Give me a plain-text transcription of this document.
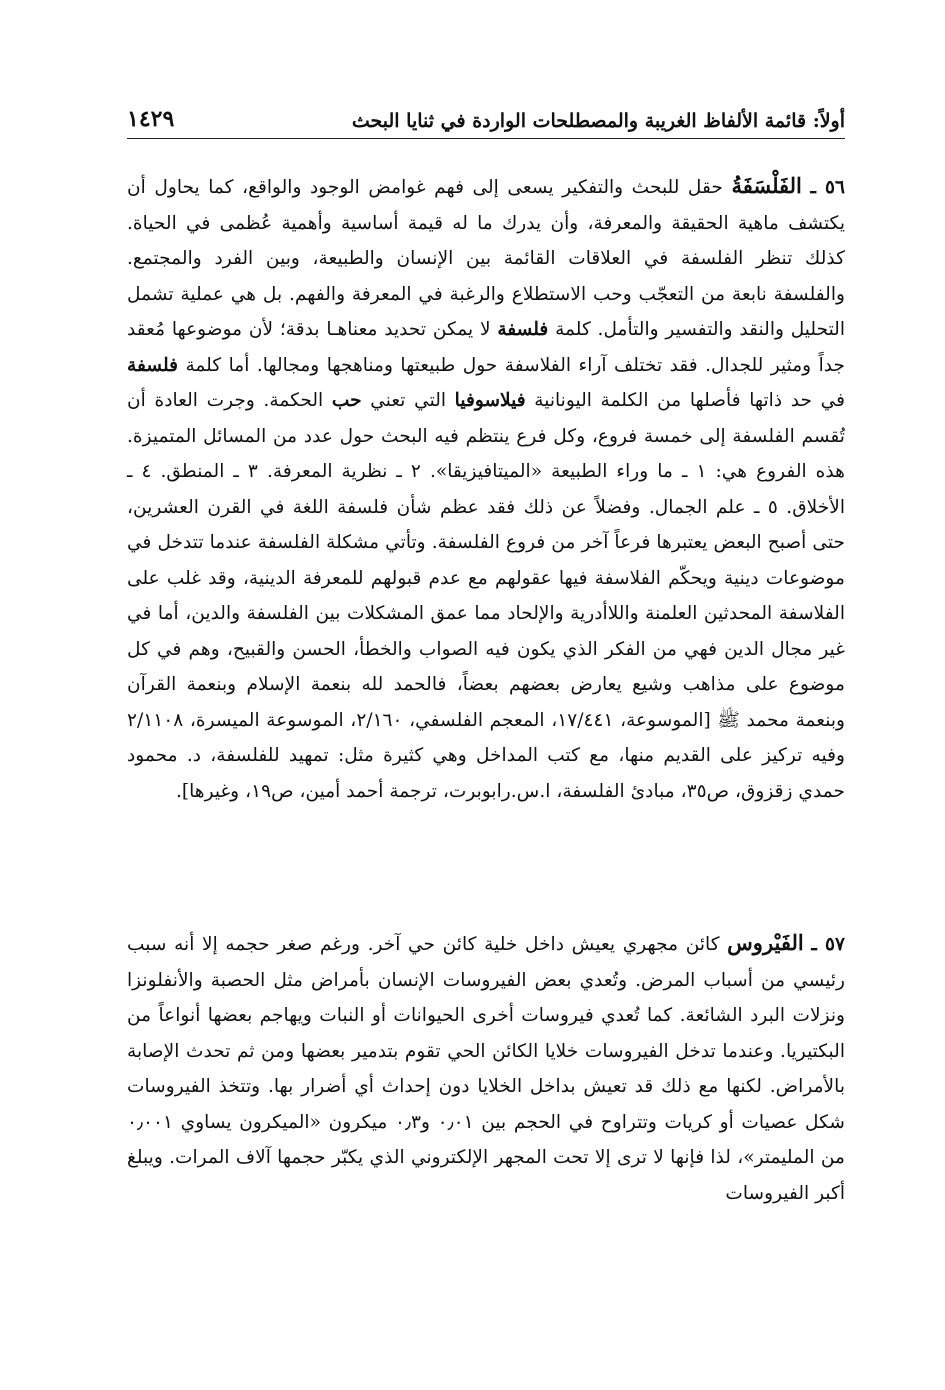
أولاً: قائمة الألفاظ الغريبة والمصطلحات الواردة في ثنايا البحث
١٤٢٩

٥٦ ـ الفَلْسَفَةُ حقل للبحث والتفكير يسعى إلى فهم غوامض الوجود والواقع، كما يحاول أن يكتشف ماهية الحقيقة والمعرفة، وأن يدرك ما له قيمة أساسية وأهمية عُظمى في الحياة. كذلك تنظر الفلسفة في العلاقات القائمة بين الإنسان والطبيعة، وبين الفرد والمجتمع. والفلسفة نابعة من التعجّب وحب الاستطلاع والرغبة في المعرفة والفهم. بل هي عملية تشمل التحليل والنقد والتفسير والتأمل. كلمة فلسفة لا يمكن تحديد معناهـا بدقة؛ لأن موضوعها مُعقد جداً ومثير للجدال. فقد تختلف آراء الفلاسفة حول طبيعتها ومناهجها ومجالها. أما كلمة فلسفة في حد ذاتها فأصلها من الكلمة اليونانية فيلاسوفيا التي تعني حب الحكمة. وجرت العادة أن تُقسم الفلسفة إلى خمسة فروع، وكل فرع ينتظم فيه البحث حول عدد من المسائل المتميزة. هذه الفروع هي: ١ ـ ما وراء الطبيعة «الميتافيزيقا». ٢ ـ نظرية المعرفة. ٣ ـ المنطق. ٤ ـ الأخلاق. ٥ ـ علم الجمال. وفضلاً عن ذلك فقد عظم شأن فلسفة اللغة في القرن العشرين، حتى أصبح البعض يعتبرها فرعاً آخر من فروع الفلسفة. وتأتي مشكلة الفلسفة عندما تتدخل في موضوعات دينية ويحكّم الفلاسفة فيها عقولهم مع عدم قبولهم للمعرفة الدينية، وقد غلب على الفلاسفة المحدثين العلمنة واللاأدرية والإلحاد مما عمق المشكلات بين الفلسفة والدين، أما في غير مجال الدين فهي من الفكر الذي يكون فيه الصواب والخطأ، الحسن والقبيح، وهم في كل موضوع على مذاهب وشيع يعارض بعضهم بعضاً، فالحمد لله بنعمة الإسلام وبنعمة القرآن وبنعمة محمد ﷺ [الموسوعة، ١٧/٤٤١، المعجم الفلسفي، ٢/١٦٠، الموسوعة الميسرة، ٢/١١٠٨ وفيه تركيز على القديم منها، مع كتب المداخل وهي كثيرة مثل: تمهيد للفلسفة، د. محمود حمدي زقزوق، ص٣٥، مبادئ الفلسفة، ا.س.رابوبرت، ترجمة أحمد أمين، ص١٩، وغيرها].

٥٧ ـ الفَيْروس كائن مجهري يعيش داخل خلية كائن حي آخر. ورغم صغر حجمه إلا أنه سبب رئيسي من أسباب المرض. وتُعدي بعض الفيروسات الإنسان بأمراض مثل الحصبة والأنفلونزا ونزلات البرد الشائعة. كما تُعدي فيروسات أخرى الحيوانات أو النبات ويهاجم بعضها أنواعاً من البكتيريا. وعندما تدخل الفيروسات خلايا الكائن الحي تقوم بتدمير بعضها ومن ثم تحدث الإصابة بالأمراض. لكنها مع ذلك قد تعيش بداخل الخلايا دون إحداث أي أضرار بها. وتتخذ الفيروسات شكل عصيات أو كريات وتتراوح في الحجم بين ٠٫٠١ و٠٫٣ ميكرون «الميكرون يساوي ٠٫٠٠١ من المليمتر»، لذا فإنها لا ترى إلا تحت المجهر الإلكتروني الذي يكبّر حجمها آلاف المرات. ويبلغ أكبر الفيروسات
